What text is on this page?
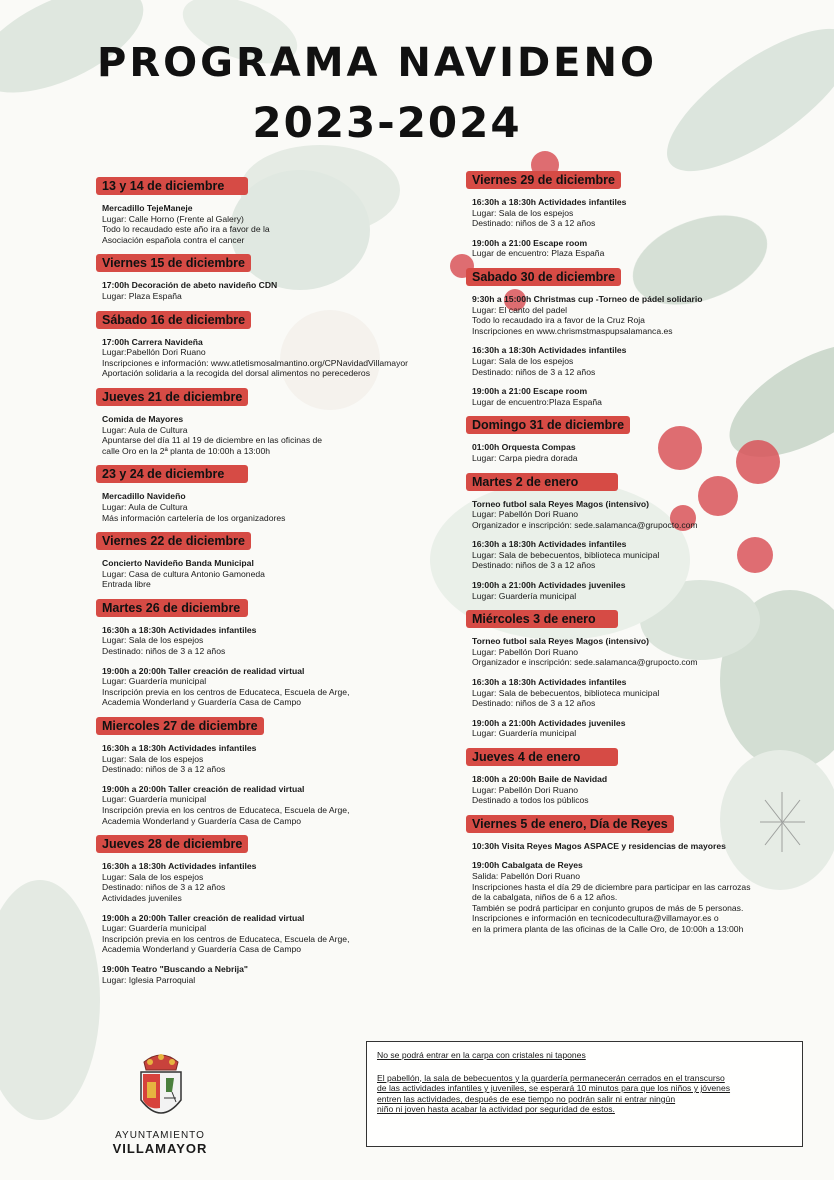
PROGRAMA NAVIDENO
2023-2024
13 y 14 de diciembre
Mercadillo TejeManeje
Lugar: Calle Horno (Frente al Galery)
Todo lo recaudado este año ira a favor de la
Asociación española contra el cancer
Viernes 15 de diciembre
17:00h Decoración de abeto navideño CDN
Lugar: Plaza España
Sábado 16 de diciembre
17:00h Carrera Navideña
Lugar:Pabellón Dori Ruano
Inscripciones e información: www.atletismosalmantino.org/CPNavidadVillamayor
Aportación solidaria a la recogida del dorsal alimentos no perecederos
Jueves 21 de diciembre
Comida de Mayores
Lugar: Aula de Cultura
Apuntarse del día 11 al 19 de diciembre en las oficinas de
calle Oro en la 2ª planta de 10:00h a 13:00h
23 y 24 de diciembre
Mercadillo Navideño
Lugar: Aula de Cultura
Más información cartelería de los organizadores
Viernes 22 de diciembre
Concierto Navideño Banda Municipal
Lugar: Casa de cultura Antonio Gamoneda
Entrada libre
Martes 26 de diciembre
16:30h a 18:30h Actividades infantiles
Lugar: Sala de los espejos
Destinado: niños de 3 a 12 años
19:00h a 20:00h Taller creación de realidad virtual
Lugar: Guardería municipal
Inscripción previa en los centros de Educateca, Escuela de Arge,
Academia Wonderland y Guardería Casa de Campo
Miercoles 27 de diciembre
16:30h a 18:30h Actividades infantiles
Lugar: Sala de los espejos
Destinado: niños de 3 a 12 años
19:00h a 20:00h Taller creación de realidad virtual
Lugar: Guardería municipal
Inscripción previa en los centros de Educateca, Escuela de Arge,
Academia Wonderland y Guardería Casa de Campo
Jueves 28 de diciembre
16:30h a 18:30h Actividades infantiles
Lugar: Sala de los espejos
Destinado: niños de 3 a 12 años
Actividades juveniles
19:00h a 20:00h Taller creación de realidad virtual
Lugar: Guardería municipal
Inscripción previa en los centros de Educateca, Escuela de Arge,
Academia Wonderland y Guardería Casa de Campo
19:00h Teatro "Buscando a Nebrija"
Lugar: Iglesia Parroquial
Viernes 29 de diciembre
16:30h a 18:30h Actividades infantiles
Lugar: Sala de los espejos
Destinado: niños de 3 a 12 años
19:00h a 21:00 Escape room
Lugar de encuentro: Plaza España
Sabado 30 de diciembre
9:30h a 15:00h Christmas cup -Torneo de pádel solidario
Lugar: El canto del padel
Todo lo recaudado ira a favor de la Cruz Roja
Inscripciones en www.chrismstmaspupsalamanca.es
16:30h a 18:30h Actividades infantiles
Lugar: Sala de los espejos
Destinado: niños de 3 a 12 años
19:00h a 21:00 Escape room
Lugar de encuentro:Plaza España
Domingo 31 de diciembre
01:00h Orquesta Compas
Lugar: Carpa piedra dorada
Martes 2 de enero
Torneo futbol sala Reyes Magos (intensivo)
Lugar: Pabellón Dori Ruano
Organizador e inscripción: sede.salamanca@grupocto.com
16:30h a 18:30h Actividades infantiles
Lugar: Sala de bebecuentos, biblioteca municipal
Destinado: niños de 3 a 12 años
19:00h a 21:00h Actividades juveniles
Lugar: Guardería municipal
Miércoles 3 de enero
Torneo futbol sala Reyes Magos (intensivo)
Lugar: Pabellón Dori Ruano
Organizador e inscripción: sede.salamanca@grupocto.com
16:30h a 18:30h Actividades infantiles
Lugar: Sala de bebecuentos, biblioteca municipal
Destinado: niños de 3 a 12 años
19:00h a 21:00h Actividades juveniles
Lugar: Guardería municipal
Jueves 4 de enero
18:00h a 20:00h Baile de Navidad
Lugar: Pabellón Dori Ruano
Destinado a todos los públicos
Viernes 5 de enero, Día de Reyes
10:30h Visita Reyes Magos ASPACE y residencias de mayores
19:00h Cabalgata de Reyes
Salida: Pabellón Dori Ruano
Inscripciones hasta el día 29 de diciembre para participar en las carrozas
de la cabalgata, niños de 6 a 12 años.
También se podrá participar en conjunto grupos de más de 5 personas.
Inscripciones e información en tecnicodecultura@villamayor.es o
en la primera planta de las oficinas de la Calle Oro, de 10:00h a 13:00h
No se podrá entrar en la carpa con cristales ni tapones
El pabellón, la sala de bebecuentos y la guardería permanecerán cerrados en el transcurso
de las actividades infantiles y juveniles, se esperará 10 minutos para que los niños y jóvenes
entren las actividades, después de ese tiempo no podrán salir ni entrar ningún
niño ni joven hasta acabar la actividad por seguridad de estos.
AYUNTAMIENTO
VILLAMAYOR
